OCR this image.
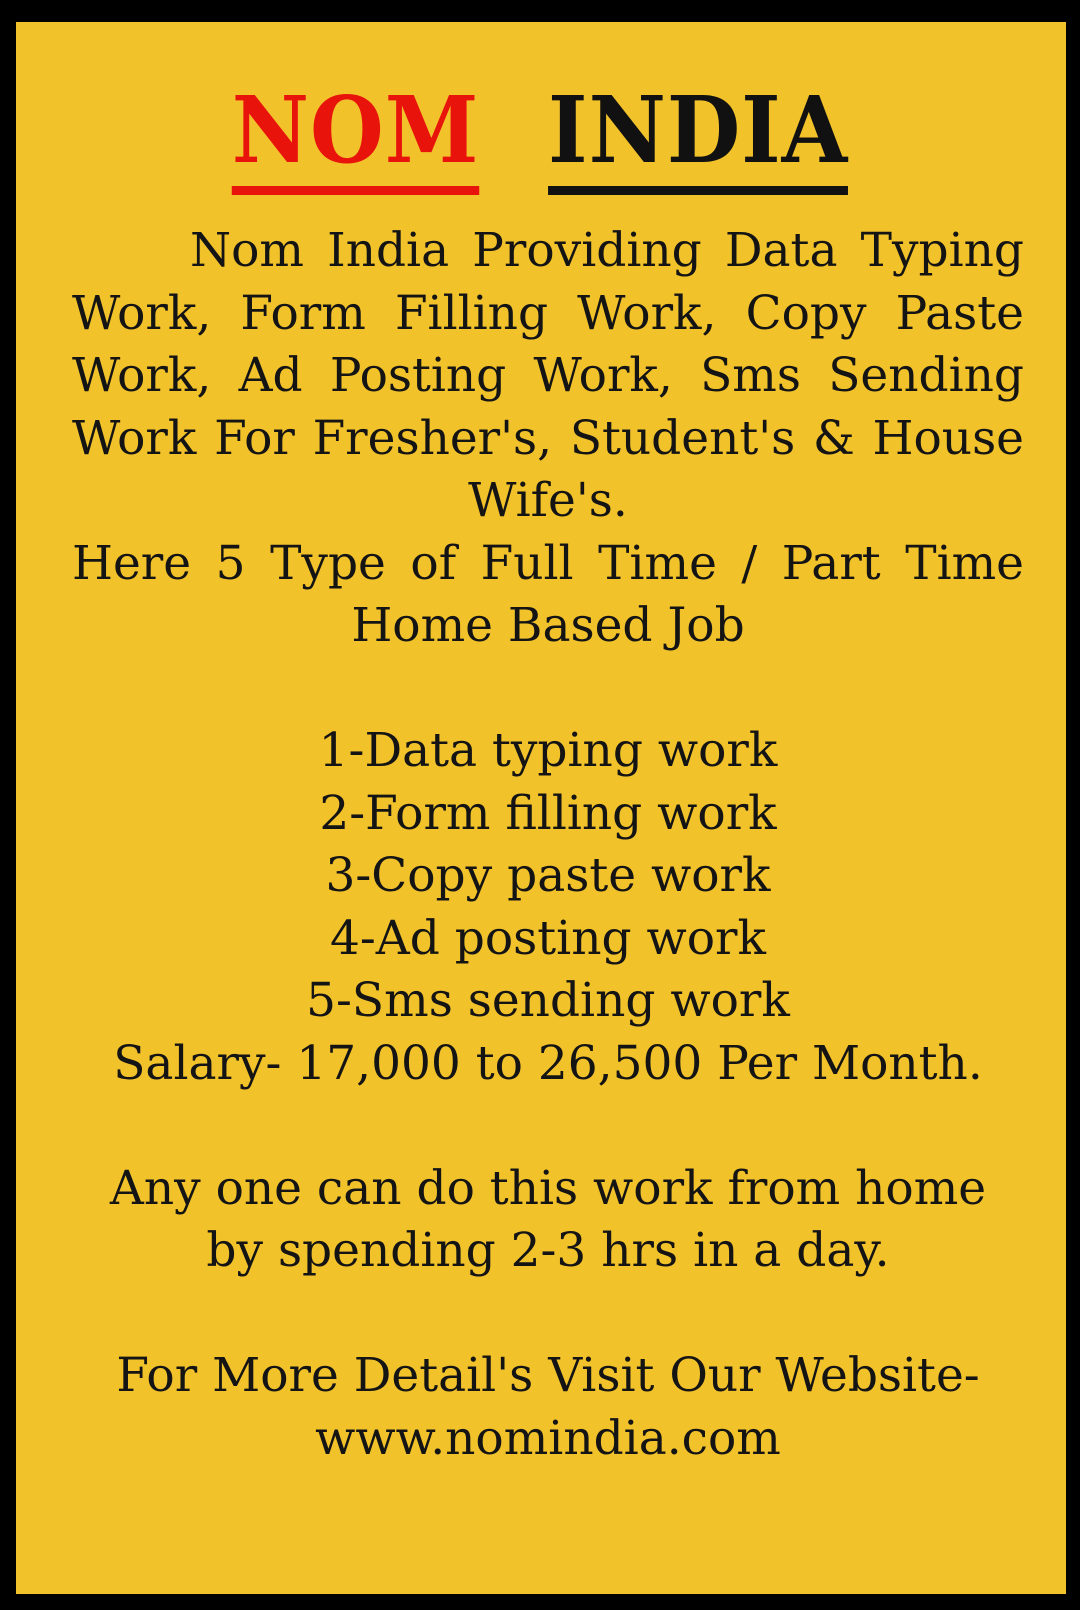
NOM INDIA
Nom India Providing Data Typing
Work, Form Filling Work, Copy Paste
Work, Ad Posting Work, Sms Sending
Work For Fresher's, Student's & House
Wife's.
Here 5 Type of Full Time / Part Time
Home Based Job
1-Data typing work
2-Form filling work
3-Copy paste work
4-Ad posting work
5-Sms sending work
Salary- 17,000 to 26,500 Per Month.
Any one can do this work from home
by spending 2-3 hrs in a day.
For More Detail's Visit Our Website-
www.nomindia.com
